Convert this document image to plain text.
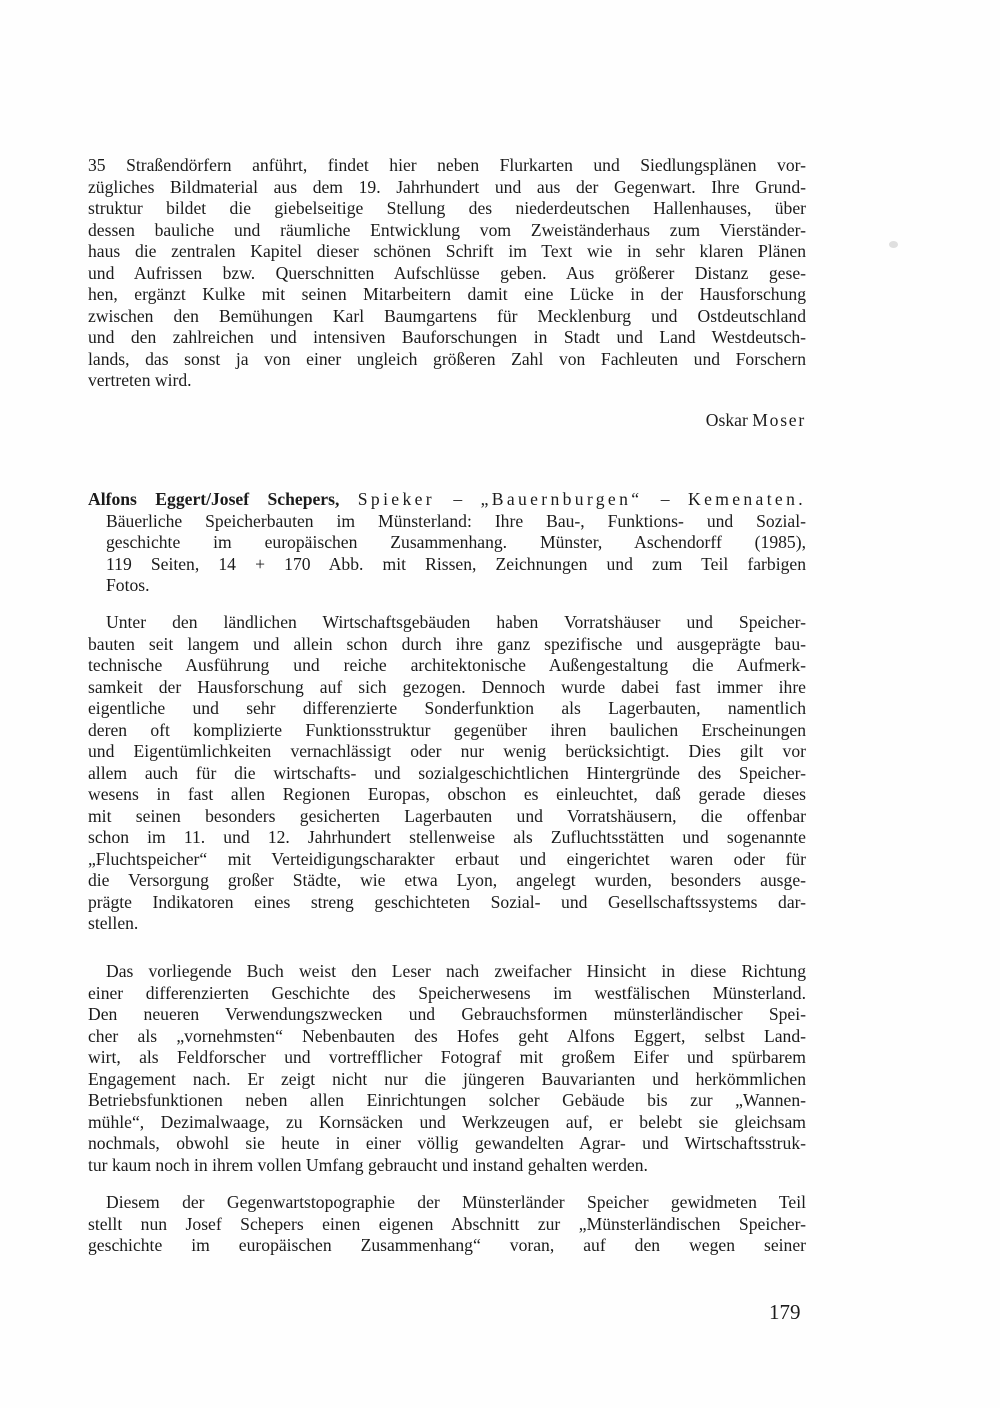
35 Straßendörfern anführt, findet hier neben Flurkarten und Siedlungsplänen vor-
zügliches Bildmaterial aus dem 19. Jahrhundert und aus der Gegenwart. Ihre Grund-
struktur bildet die giebelseitige Stellung des niederdeutschen Hallenhauses, über
dessen bauliche und räumliche Entwicklung vom Zweiständerhaus zum Vierständer-
haus die zentralen Kapitel dieser schönen Schrift im Text wie in sehr klaren Plänen
und Aufrissen bzw. Querschnitten Aufschlüsse geben. Aus größerer Distanz gese-
hen, ergänzt Kulke mit seinen Mitarbeitern damit eine Lücke in der Hausforschung
zwischen den Bemühungen Karl Baumgartens für Mecklenburg und Ostdeutschland
und den zahlreichen und intensiven Bauforschungen in Stadt und Land Westdeutsch-
lands, das sonst ja von einer ungleich größeren Zahl von Fachleuten und Forschern
vertreten wird.
Oskar Moser
Alfons Eggert/Josef Schepers, Spieker – „Bauernburgen“ – Kemenaten.
Bäuerliche Speicherbauten im Münsterland: Ihre Bau-, Funktions- und Sozial-
geschichte im europäischen Zusammenhang. Münster, Aschendorff (1985),
119 Seiten, 14 + 170 Abb. mit Rissen, Zeichnungen und zum Teil farbigen
Fotos.
Unter den ländlichen Wirtschaftsgebäuden haben Vorratshäuser und Speicher-
bauten seit langem und allein schon durch ihre ganz spezifische und ausgeprägte bau-
technische Ausführung und reiche architektonische Außengestaltung die Aufmerk-
samkeit der Hausforschung auf sich gezogen. Dennoch wurde dabei fast immer ihre
eigentliche und sehr differenzierte Sonderfunktion als Lagerbauten, namentlich
deren oft komplizierte Funktionsstruktur gegenüber ihren baulichen Erscheinungen
und Eigentümlichkeiten vernachlässigt oder nur wenig berücksichtigt. Dies gilt vor
allem auch für die wirtschafts- und sozialgeschichtlichen Hintergründe des Speicher-
wesens in fast allen Regionen Europas, obschon es einleuchtet, daß gerade dieses
mit seinen besonders gesicherten Lagerbauten und Vorratshäusern, die offenbar
schon im 11. und 12. Jahrhundert stellenweise als Zufluchtsstätten und sogenannte
„Fluchtspeicher“ mit Verteidigungscharakter erbaut und eingerichtet waren oder für
die Versorgung großer Städte, wie etwa Lyon, angelegt wurden, besonders ausge-
prägte Indikatoren eines streng geschichteten Sozial- und Gesellschaftssystems dar-
stellen.
Das vorliegende Buch weist den Leser nach zweifacher Hinsicht in diese Richtung
einer differenzierten Geschichte des Speicherwesens im westfälischen Münsterland.
Den neueren Verwendungszwecken und Gebrauchsformen münsterländischer Spei-
cher als „vornehmsten“ Nebenbauten des Hofes geht Alfons Eggert, selbst Land-
wirt, als Feldforscher und vortrefflicher Fotograf mit großem Eifer und spürbarem
Engagement nach. Er zeigt nicht nur die jüngeren Bauvarianten und herkömmlichen
Betriebsfunktionen neben allen Einrichtungen solcher Gebäude bis zur „Wannen-
mühle“, Dezimalwaage, zu Kornsäcken und Werkzeugen auf, er belebt sie gleichsam
nochmals, obwohl sie heute in einer völlig gewandelten Agrar- und Wirtschaftsstruk-
tur kaum noch in ihrem vollen Umfang gebraucht und instand gehalten werden.
Diesem der Gegenwartstopographie der Münsterländer Speicher gewidmeten Teil
stellt nun Josef Schepers einen eigenen Abschnitt zur „Münsterländischen Speicher-
geschichte im europäischen Zusammenhang“ voran, auf den wegen seiner
179
